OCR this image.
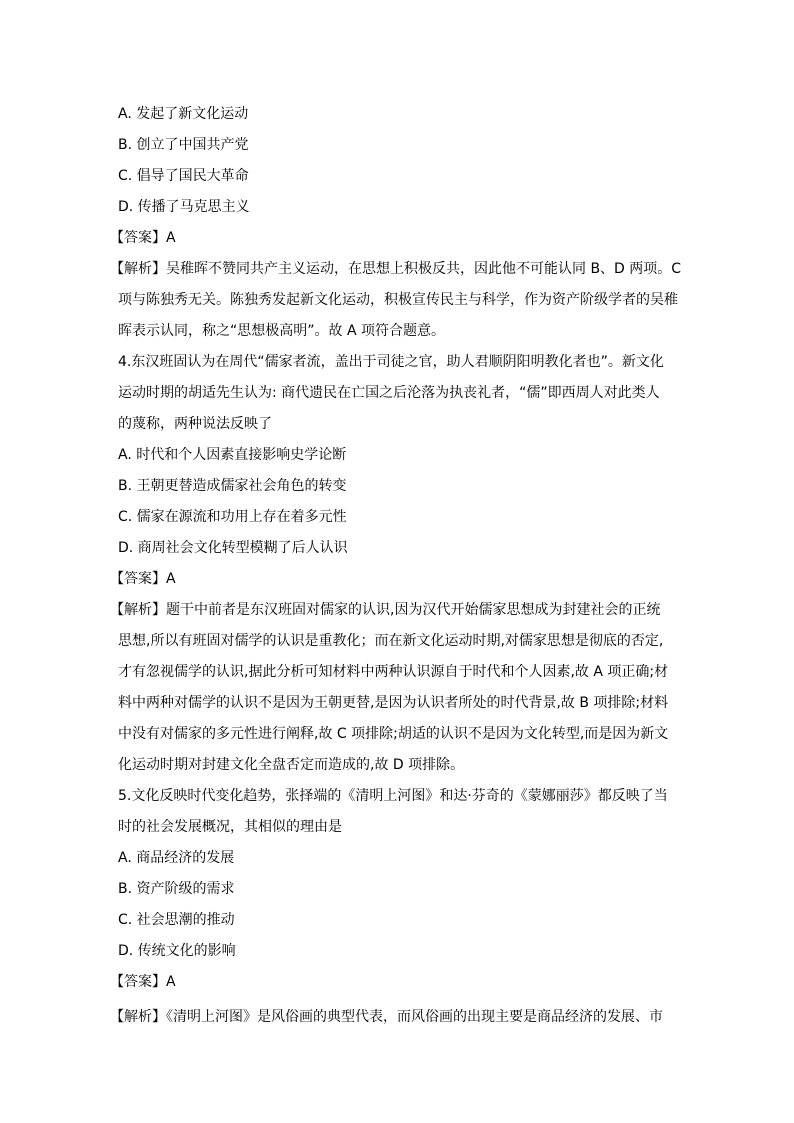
A. 发起了新文化运动
B. 创立了中国共产党
C. 倡导了国民大革命
D. 传播了马克思主义
【答案】A
【解析】吴稚晖不赞同共产主义运动，在思想上积极反共，因此他不可能认同 B、D 两项。C
项与陈独秀无关。陈独秀发起新文化运动，积极宣传民主与科学，作为资产阶级学者的吴稚
晖表示认同，称之“思想极高明”。故 A 项符合题意。
4.东汉班固认为在周代“儒家者流，盖出于司徒之官，助人君顺阴阳明教化者也”。新文化
运动时期的胡适先生认为: 商代遗民在亡国之后沦落为执丧礼者，“儒”即西周人对此类人
的蔑称，两种说法反映了
A. 时代和个人因素直接影响史学论断
B. 王朝更替造成儒家社会角色的转变
C. 儒家在源流和功用上存在着多元性
D. 商周社会文化转型模糊了后人认识
【答案】A
【解析】题干中前者是东汉班固对儒家的认识,因为汉代开始儒家思想成为封建社会的正统
思想,所以有班固对儒学的认识是重教化；而在新文化运动时期,对儒家思想是彻底的否定,
才有忽视儒学的认识,据此分析可知材料中两种认识源自于时代和个人因素,故 A 项正确;材
料中两种对儒学的认识不是因为王朝更替,是因为认识者所处的时代背景,故 B 项排除;材料
中没有对儒家的多元性进行阐释,故 C 项排除;胡适的认识不是因为文化转型,而是因为新文
化运动时期对封建文化全盘否定而造成的,故 D 项排除。
5.文化反映时代变化趋势，张择端的《清明上河图》和达·芬奇的《蒙娜丽莎》都反映了当
时的社会发展概况，其相似的理由是
A. 商品经济的发展
B. 资产阶级的需求
C. 社会思潮的推动
D. 传统文化的影响
【答案】A
【解析】《清明上河图》是风俗画的典型代表，而风俗画的出现主要是商品经济的发展、市
